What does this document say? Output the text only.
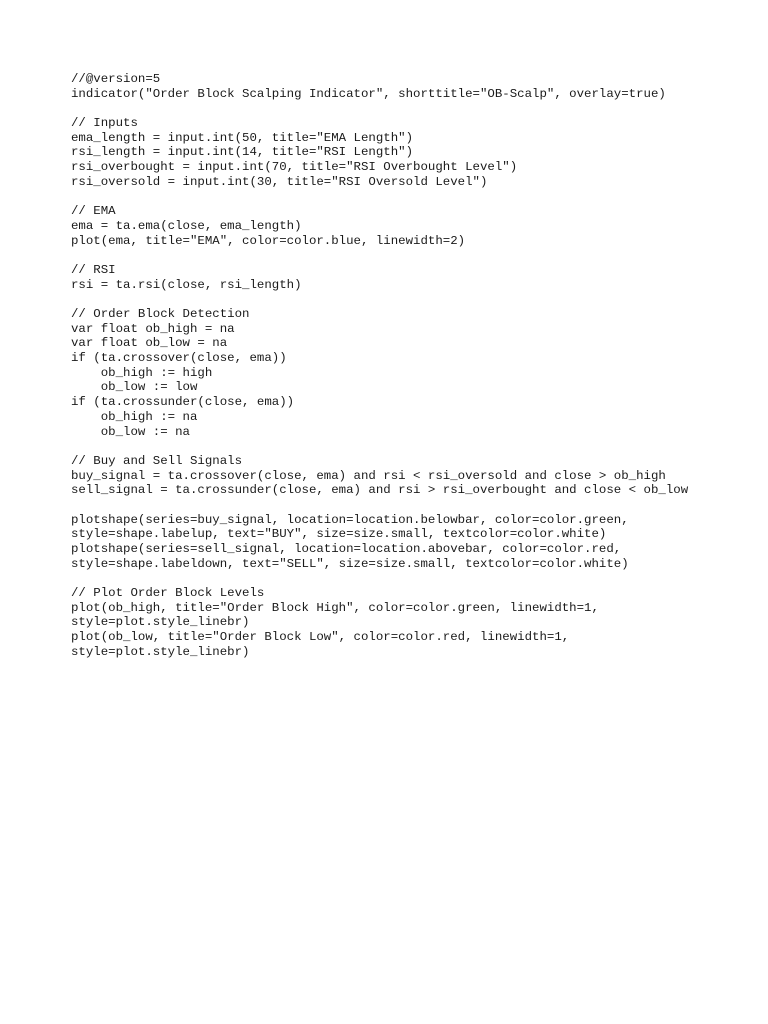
//@version=5
indicator("Order Block Scalping Indicator", shorttitle="OB-Scalp", overlay=true)
// Inputs
ema_length = input.int(50, title="EMA Length")
rsi_length = input.int(14, title="RSI Length")
rsi_overbought = input.int(70, title="RSI Overbought Level")
rsi_oversold = input.int(30, title="RSI Oversold Level")
// EMA
ema = ta.ema(close, ema_length)
plot(ema, title="EMA", color=color.blue, linewidth=2)
// RSI
rsi = ta.rsi(close, rsi_length)
// Order Block Detection
var float ob_high = na
var float ob_low = na
if (ta.crossover(close, ema))
ob_high := high
ob_low := low
if (ta.crossunder(close, ema))
ob_high := na
ob_low := na
// Buy and Sell Signals
buy_signal = ta.crossover(close, ema) and rsi < rsi_oversold and close > ob_high
sell_signal = ta.crossunder(close, ema) and rsi > rsi_overbought and close < ob_low
plotshape(series=buy_signal, location=location.belowbar, color=color.green,
style=shape.labelup, text="BUY", size=size.small, textcolor=color.white)
plotshape(series=sell_signal, location=location.abovebar, color=color.red,
style=shape.labeldown, text="SELL", size=size.small, textcolor=color.white)
// Plot Order Block Levels
plot(ob_high, title="Order Block High", color=color.green, linewidth=1,
style=plot.style_linebr)
plot(ob_low, title="Order Block Low", color=color.red, linewidth=1,
style=plot.style_linebr)
